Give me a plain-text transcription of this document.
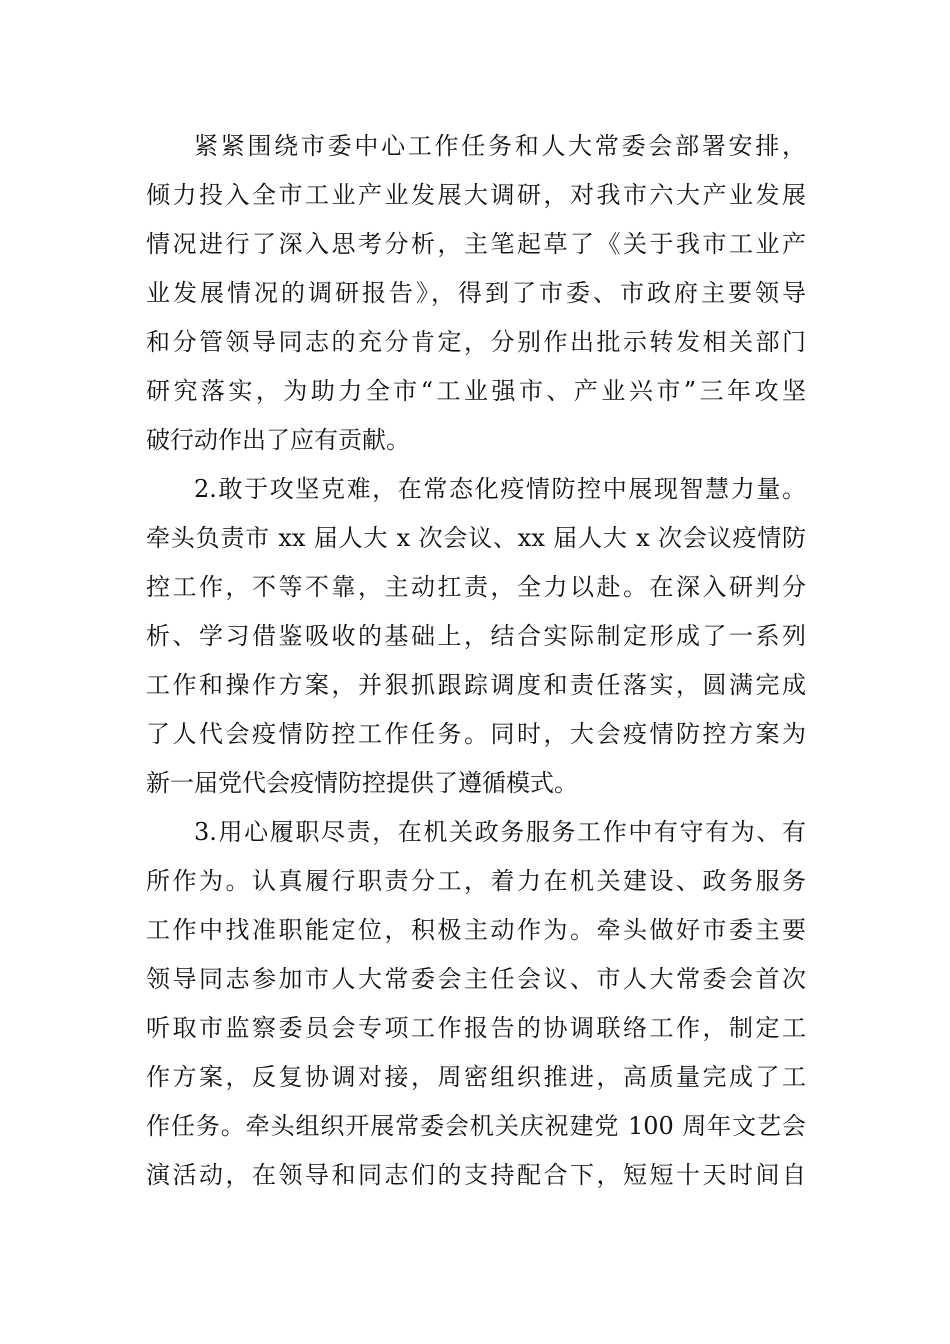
紧紧围绕市委中心工作任务和人大常委会部署安排，
倾力投入全市工业产业发展大调研，对我市六大产业发展
情况进行了深入思考分析，主笔起草了《关于我市工业产
业发展情况的调研报告》，得到了市委、市政府主要领导
和分管领导同志的充分肯定，分别作出批示转发相关部门
研究落实，为助力全市“工业强市、产业兴市”三年攻坚
破行动作出了应有贡献。
2.敢于攻坚克难，在常态化疫情防控中展现智慧力量。
牵头负责市 xx 届人大 x 次会议、xx 届人大 x 次会议疫情防
控工作，不等不靠，主动扛责，全力以赴。在深入研判分
析、学习借鉴吸收的基础上，结合实际制定形成了一系列
工作和操作方案，并狠抓跟踪调度和责任落实，圆满完成
了人代会疫情防控工作任务。同时，大会疫情防控方案为
新一届党代会疫情防控提供了遵循模式。
3.用心履职尽责，在机关政务服务工作中有守有为、有
所作为。认真履行职责分工，着力在机关建设、政务服务
工作中找准职能定位，积极主动作为。牵头做好市委主要
领导同志参加市人大常委会主任会议、市人大常委会首次
听取市监察委员会专项工作报告的协调联络工作，制定工
作方案，反复协调对接，周密组织推进，高质量完成了工
作任务。牵头组织开展常委会机关庆祝建党 100 周年文艺会
演活动，在领导和同志们的支持配合下，短短十天时间自
